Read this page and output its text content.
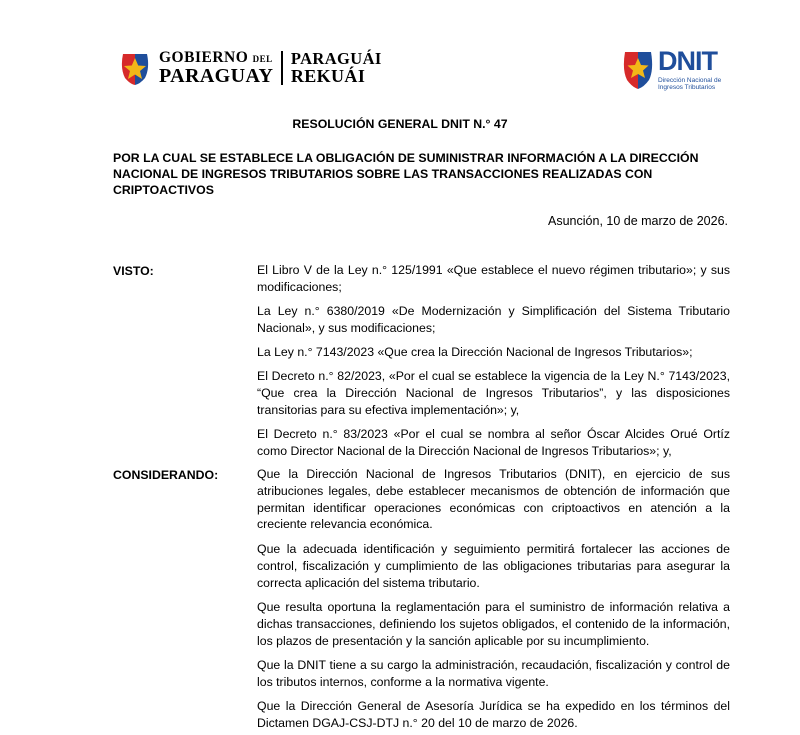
GOBIERNO DEL
PARAGUAY
PARAGUÁI
REKUÁI
DNIT
Dirección Nacional de
Ingresos Tributarios
RESOLUCIÓN GENERAL DNIT N.° 47
POR LA CUAL SE ESTABLECE LA OBLIGACIÓN DE SUMINISTRAR INFORMACIÓN A LA DIRECCIÓN NACIONAL DE INGRESOS TRIBUTARIOS SOBRE LAS TRANSACCIONES REALIZADAS CON CRIPTOACTIVOS
Asunción, 10 de marzo de 2026.
VISTO:	El Libro V de la Ley n.° 125/1991 «Que establece el nuevo régimen tributario»; y sus modificaciones;

La Ley n.° 6380/2019 «De Modernización y Simplificación del Sistema Tributario Nacional», y sus modificaciones;

La Ley n.° 7143/2023 «Que crea la Dirección Nacional de Ingresos Tributarios»;

El Decreto n.° 82/2023, «Por el cual se establece la vigencia de la Ley N.° 7143/2023, “Que crea la Dirección Nacional de Ingresos Tributarios”, y las disposiciones transitorias para su efectiva implementación»; y,

El Decreto n.° 83/2023 «Por el cual se nombra al señor Óscar Alcides Orué Ortíz como Director Nacional de la Dirección Nacional de Ingresos Tributarios»; y,

CONSIDERANDO:	Que la Dirección Nacional de Ingresos Tributarios (DNIT), en ejercicio de sus atribuciones legales, debe establecer mecanismos de obtención de información que permitan identificar operaciones económicas con criptoactivos en atención a la creciente relevancia económica.

Que la adecuada identificación y seguimiento permitirá fortalecer las acciones de control, fiscalización y cumplimiento de las obligaciones tributarias para asegurar la correcta aplicación del sistema tributario.

Que resulta oportuna la reglamentación para el suministro de información relativa a dichas transacciones, definiendo los sujetos obligados, el contenido de la información, los plazos de presentación y la sanción aplicable por su incumplimiento.

Que la DNIT tiene a su cargo la administración, recaudación, fiscalización y control de los tributos internos, conforme a la normativa vigente.

Que la Dirección General de Asesoría Jurídica se ha expedido en los términos del Dictamen DGAJ-CSJ-DTJ n.° 20 del 10 de marzo de 2026.
